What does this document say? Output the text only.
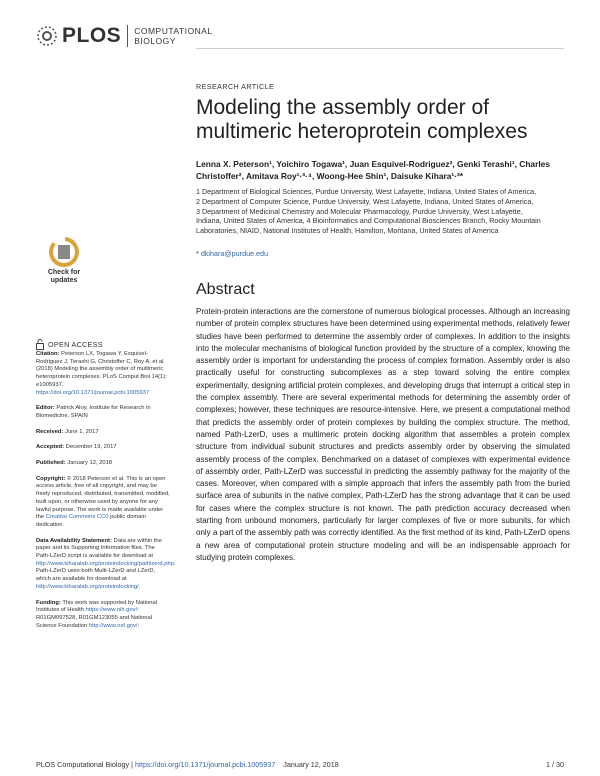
PLOS COMPUTATIONAL
BIOLOGY
RESEARCH ARTICLE
Modeling the assembly order of multimeric heteroprotein complexes
Lenna X. Peterson¹, Yoichiro Togawa¹, Juan Esquivel-Rodriguez², Genki Terashi¹, Charles Christoffer², Amitava Roy¹·³·⁴, Woong-Hee Shin¹, Daisuke Kihara¹·²*
1 Department of Biological Sciences, Purdue University, West Lafayette, Indiana, United States of America,
2 Department of Computer Science, Purdue University, West Lafayette, Indiana, United States of America,
3 Department of Medicinal Chemistry and Molecular Pharmacology, Purdue University, West Lafayette,
Indiana, United States of America, 4 Bioinformatics and Computational Biosciences Branch, Rocky Mountain
Laboratories, NIAID, National Institutes of Health, Hamilton, Montana, United States of America
* dkihara@purdue.edu
Abstract
Protein-protein interactions are the cornerstone of numerous biological processes. Although an increasing number of protein complex structures have been determined using experimental methods, relatively fewer studies have been performed to determine the assembly order of complexes. In addition to the insights into the molecular mechanisms of biological function provided by the structure of a complex, knowing the assembly order is important for understanding the process of complex formation. Assembly order is also practically useful for constructing subcomplexes as a step toward solving the entire complex experimentally, designing artificial protein complexes, and developing drugs that interrupt a critical step in the complex assembly. There are several experimental methods for determining the assembly order of complexes; however, these techniques are resource-intensive. Here, we present a computational method that predicts the assembly order of protein complexes by building the complex structure. The method, named Path-LzerD, uses a multimeric protein docking algorithm that assembles a protein complex structure from individual subunit structures and predicts assembly order by observing the simulated assembly process of the complex. Benchmarked on a dataset of complexes with experimental evidence of assembly order, Path-LZerD was successful in predicting the assembly pathway for the majority of the cases. Moreover, when compared with a simple approach that infers the assembly path from the buried surface area of subunits in the native complex, Path-LZerD has the strong advantage that it can be used for cases where the complex structure is not known. The path prediction accuracy decreased when starting from unbound monomers, particularly for larger complexes of five or more subunits, for which only a part of the assembly path was correctly identified. As the first method of its kind, Path-LZerD opens a new area of computational protein structure modeling and will be an indispensable approach for studying protein complexes.
Check for
updates
OPEN ACCESS

Citation: Peterson LX, Togawa Y, Esquivel-Rodriguez J, Terashi G, Christoffer C, Roy A, et al. (2018) Modeling the assembly order of multimeric heteroprotein complexes. PLoS Comput Biol 14(1): e1005937. https://doi.org/10.1371/journal.pcbi.1005937

Editor: Patrick Aloy, Institute for Research in Biomedicine, SPAIN

Received: June 1, 2017

Accepted: December 19, 2017

Published: January 12, 2018

Copyright: © 2018 Peterson et al. This is an open access article, free of all copyright, and may be freely reproduced, distributed, transmitted, modified, built upon, or otherwise used by anyone for any lawful purpose. The work is made available under the Creative Commons CC0 public domain dedication.

Data Availability Statement: Data are within the paper and its Supporting Information files. The Path-LZerD script is available for download at http://www.kiharalab.org/proteindocking/pathlzerd.php. Path-LZerD uses both Multi-LZerD and LZerD, which are available for download at http://www.kiharalab.org/proteindocking/.

Funding: This work was supported by National Institutes of Health https://www.nih.gov/: R01GM097528, R01GM123055 and National Science Foundation http://www.nsf.gov/:

PLOS Computational Biology | https://doi.org/10.1371/journal.pcbi.1005937 January 12, 2018	1 / 30
